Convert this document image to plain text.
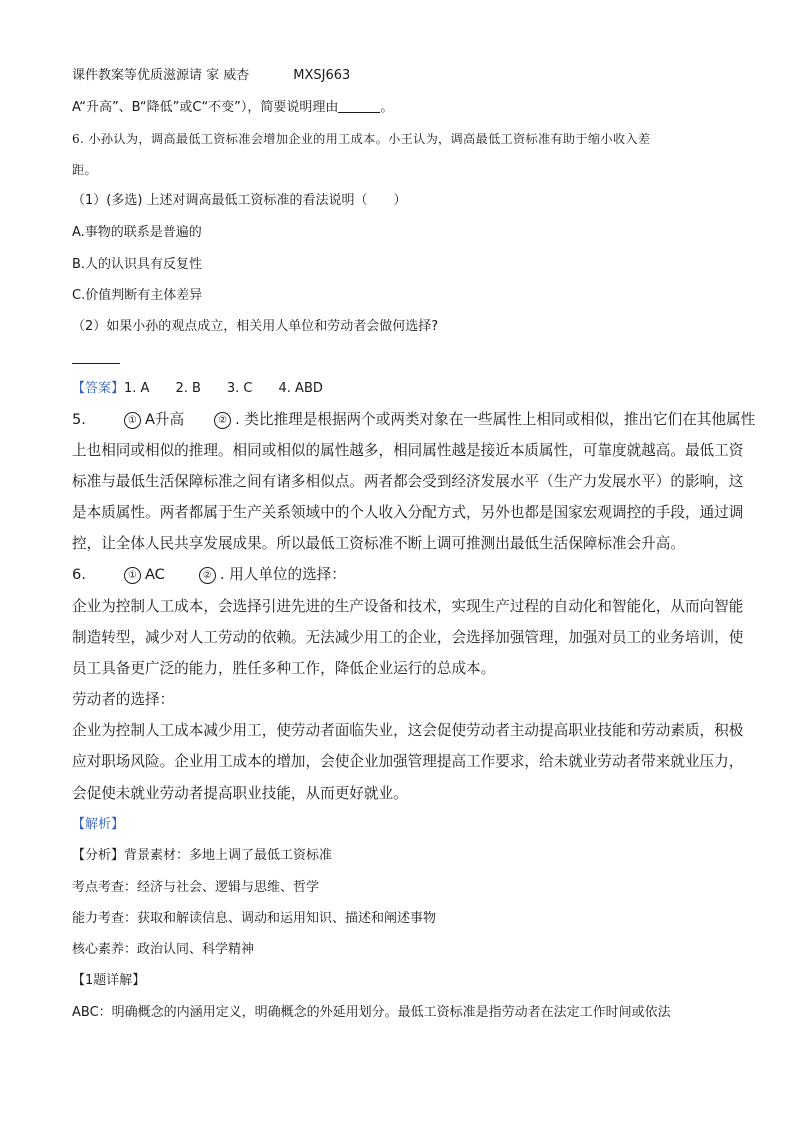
课件教案等优质滋源请 家 威杏	MXSJ663
A“升高”、B“降低”或C“不变”），简要说明理由	。
6. 小孙认为，调高最低工资标准会增加企业的用工成本。小王认为，调高最低工资标准有助于缩小收入差
距。
（1）(多选) 上述对调高最低工资标准的看法说明（　　）
A.事物的联系是普遍的
B.人的认识具有反复性
C.价值判断有主体差异
（2）如果小孙的观点成立，相关用人单位和劳动者会做何选择?
【答案】1. A　　2. B　　3. C　　4. ABD
5.	① A升高	② . 类比推理是根据两个或两类对象在一些属性上相同或相似，推出它们在其他属性
上也相同或相似的推理。相同或相似的属性越多，相同属性越是接近本质属性，可靠度就越高。最低工资
标准与最低生活保障标准之间有诸多相似点。两者都会受到经济发展水平（生产力发展水平）的影响，这
是本质属性。两者都属于生产关系领域中的个人收入分配方式，另外也都是国家宏观调控的手段，通过调
控，让全体人民共享发展成果。所以最低工资标准不断上调可推测出最低生活保障标准会升高。
6.	① AC	② . 用人单位的选择：
企业为控制人工成本，会选择引进先进的生产设备和技术，实现生产过程的自动化和智能化，从而向智能
制造转型，减少对人工劳动的依赖。无法减少用工的企业，会选择加强管理，加强对员工的业务培训，使
员工具备更广泛的能力，胜任多种工作，降低企业运行的总成本。
劳动者的选择：
企业为控制人工成本减少用工，使劳动者面临失业，这会促使劳动者主动提高职业技能和劳动素质，积极
应对职场风险。企业用工成本的增加，会使企业加强管理提高工作要求，给未就业劳动者带来就业压力，
会促使未就业劳动者提高职业技能，从而更好就业。
【解析】
【分析】背景素材：多地上调了最低工资标准
考点考查：经济与社会、逻辑与思维、哲学
能力考查：获取和解读信息、调动和运用知识、描述和阐述事物
核心素养：政治认同、科学精神
【1题详解】
ABC：明确概念的内涵用定义，明确概念的外延用划分。最低工资标准是指劳动者在法定工作时间或依法
